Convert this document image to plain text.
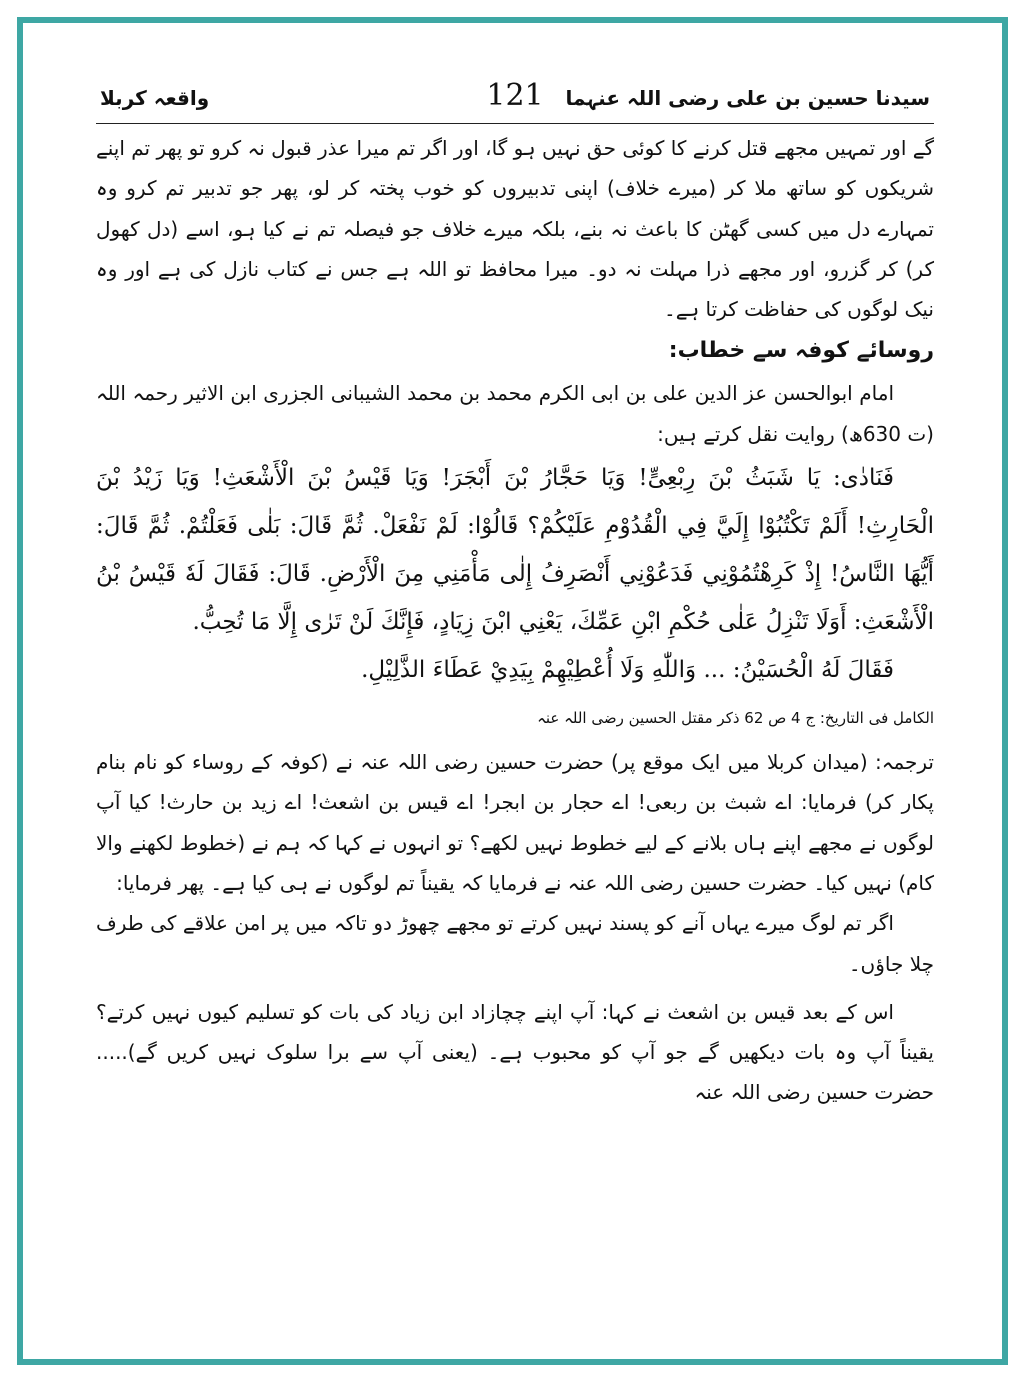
سیدنا حسین بن علی رضی اللہ عنہما
121
واقعہ کربلا

گے اور تمہیں مجھے قتل کرنے کا کوئی حق نہیں ہو گا، اور اگر تم میرا عذر قبول نہ کرو تو پھر تم اپنے شریکوں کو ساتھ ملا کر (میرے خلاف) اپنی تدبیروں کو خوب پختہ کر لو، پھر جو تدبیر تم کرو وہ تمہارے دل میں کسی گھٹن کا باعث نہ بنے، بلکہ میرے خلاف جو فیصلہ تم نے کیا ہو، اسے (دل کھول کر) کر گزرو، اور مجھے ذرا مہلت نہ دو۔ میرا محافظ تو اللہ ہے جس نے کتاب نازل کی ہے اور وہ نیک لوگوں کی حفاظت کرتا ہے۔

روسائے کوفہ سے خطاب:

امام ابوالحسن عز الدین علی بن ابی الکرم محمد بن محمد الشیبانی الجزری ابن الاثیر رحمہ اللہ (ت 630ھ) روایت نقل کرتے ہیں:

فَنَادٰی: یَا شَبَثُ بْنَ رِبْعِیٍّ! وَیَا حَجَّارُ بْنَ أَبْجَرَ! وَیَا قَیْسُ بْنَ الْأَشْعَثِ! وَیَا زَیْدُ بْنَ الْحَارِثِ! أَلَمْ تَکْتُبُوْا إِلَيَّ فِي الْقُدُوْمِ عَلَیْکُمْ؟ قَالُوْا: لَمْ نَفْعَلْ. ثُمَّ قَالَ: بَلٰی فَعَلْتُمْ. ثُمَّ قَالَ: أَیُّهَا النَّاسُ! إِذْ کَرِهْتُمُوْنِي فَدَعُوْنِي أَنْصَرِفُ إِلٰی مَأْمَنِي مِنَ الْأَرْضِ. قَالَ: فَقَالَ لَهٗ قَیْسُ بْنُ الْأَشْعَثِ: أَوَلَا تَنْزِلُ عَلٰی حُکْمِ ابْنِ عَمِّكَ، یَعْنِي ابْنَ زِیَادٍ، فَإِنَّكَ لَنْ تَرٰی إِلَّا مَا تُحِبُّ.

فَقَالَ لَهُ الْحُسَیْنُ: ... وَاللّٰهِ وَلَا أُعْطِیْهِمْ بِیَدِيْ عَطَاءَ الذَّلِیْلِ.

الکامل فی التاریخ: ج 4 ص 62 ذکر مقتل الحسین رضی اللہ عنہ

ترجمہ: (میدان کربلا میں ایک موقع پر) حضرت حسین رضی اللہ عنہ نے (کوفہ کے روساء کو نام بنام پکار کر) فرمایا: اے شبث بن ربعی! اے حجار بن ابجر! اے قیس بن اشعث! اے زید بن حارث! کیا آپ لوگوں نے مجھے اپنے ہاں بلانے کے لیے خطوط نہیں لکھے؟ تو انہوں نے کہا کہ ہم نے (خطوط لکھنے والا کام) نہیں کیا۔ حضرت حسین رضی اللہ عنہ نے فرمایا کہ یقیناً تم لوگوں نے ہی کیا ہے۔ پھر فرمایا:

اگر تم لوگ میرے یہاں آنے کو پسند نہیں کرتے تو مجھے چھوڑ دو تاکہ میں پر امن علاقے کی طرف چلا جاؤں۔

اس کے بعد قیس بن اشعث نے کہا: آپ اپنے چچازاد ابن زیاد کی بات کو تسلیم کیوں نہیں کرتے؟ یقیناً آپ وہ بات دیکھیں گے جو آپ کو محبوب ہے۔ (یعنی آپ سے برا سلوک نہیں کریں گے)..... حضرت حسین رضی اللہ عنہ
